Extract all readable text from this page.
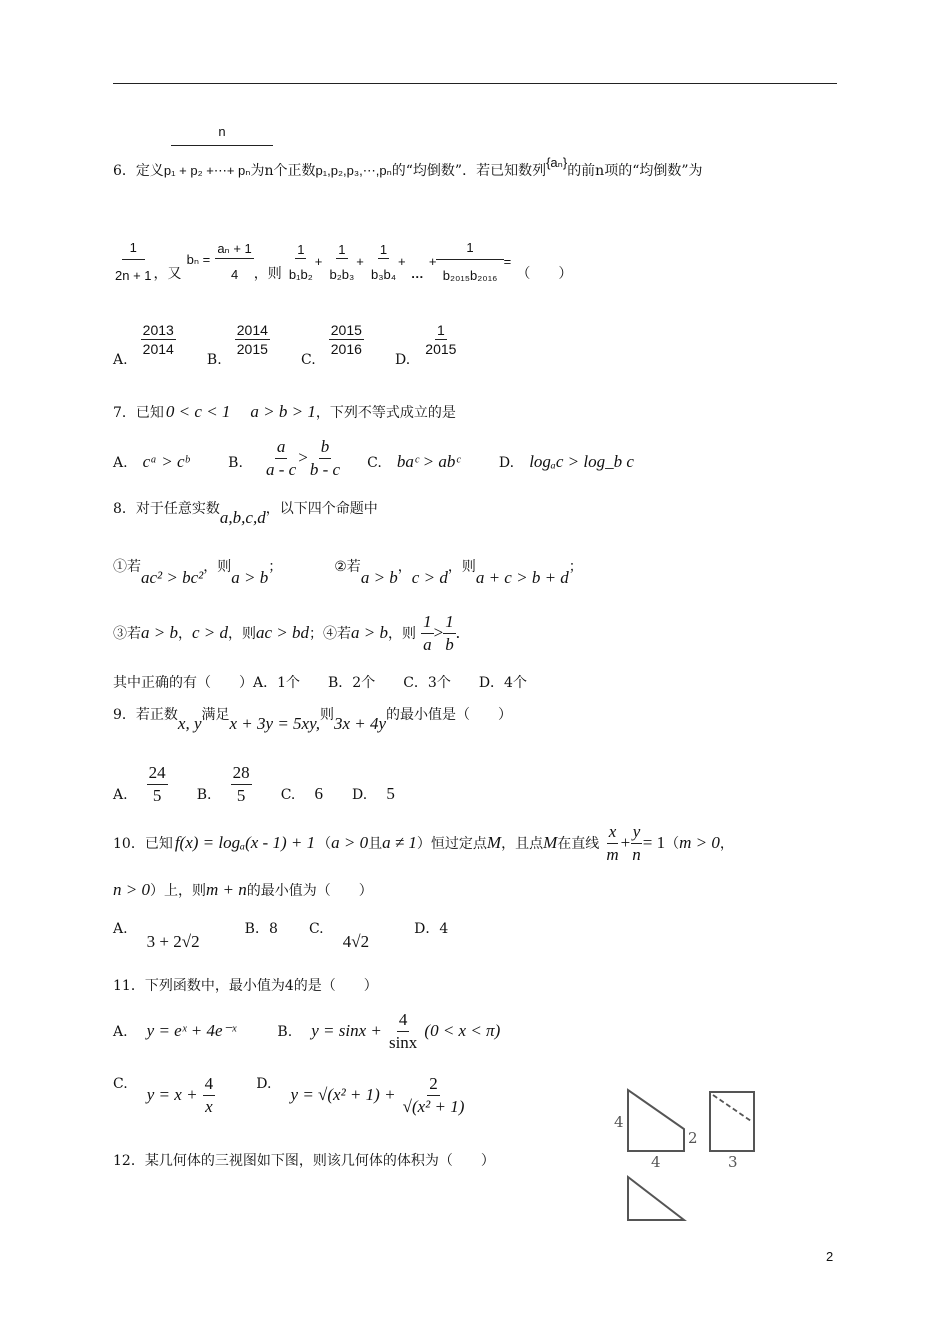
n
6．定义p₁ + p₂ +⋯+ pₙ为n个正数p₁,p₂,p₃,⋯,pₙ的“均倒数”．若已知数列$^{\{a_n\}}$的前n项的“均倒数”为
$\frac{1}{2n + 1}$ ，又 $b_n = \frac{\text{aₙ + 1}}{4}$ ，则 $\frac{1}{\text{b₁b₂}} + \frac{1}{\text{b₂b₃}} + \frac{1}{\text{b₃b₄}} + _\dots + \frac{1}{\text{b₂₀₁₅b₂₀₁₆}}$ = （　　）
A.
$\frac{2013}{2014}$
B.
$\frac{2014}{2015}$
C.
$\frac{2015}{2016}$
D.
$\frac{1}{2015}$
7．已知 0 < c < 1 a > b > 1，下列不等式成立的是
A. cᵃ > cᵇ	B. $\frac{a}{a - c} > \frac{b}{b - c} C$. baᶜ > abᶜ	D. logₐc > log_b c
8．对于任意实数a,b,c,d，以下四个命题中
①若ac² > bc²，则a > b；	②若a > b，c > d，则a + c > b + d；
③若a > b，c > d，则ac > bd；④若a > b，则 $\frac{1}{a} > \frac{1}{b}$ .
其中正确的有（　　）A．1个　　B．2个　　C．3个　　D．4个
9．若正数x, y满足x + 3y = 5xy,则3x + 4y的最小值是（　　）
A. $\frac{24}{5} B$. $\frac{28}{5} C$. 6 D. 5
10．已知 f(x) = logₐ(x - 1) + 1 （a > 0且a ≠ 1）恒过定点M，且点M在直线 $\frac{x}{m} + \frac{y}{n} = 1(m > 0$，
n > 0）上，则m + n的最小值为（　　）
A. 3 + 2√2 B．8 C. 4√2 D．4
11．下列函数中，最小值为4的是（　　）
A. y = eˣ + 4e⁻ˣ	B. $y = \sin x + \frac{4}{\sin x} (0 < x < \pi)$
C. $y = x + \frac{4}{x}$	D. $y = √(x^2 + 1) + \frac{2}{\text{√(x² + 1)}}$
12．某几何体的三视图如下图，则该几何体的体积为（　　）
4
2
4	3
2
